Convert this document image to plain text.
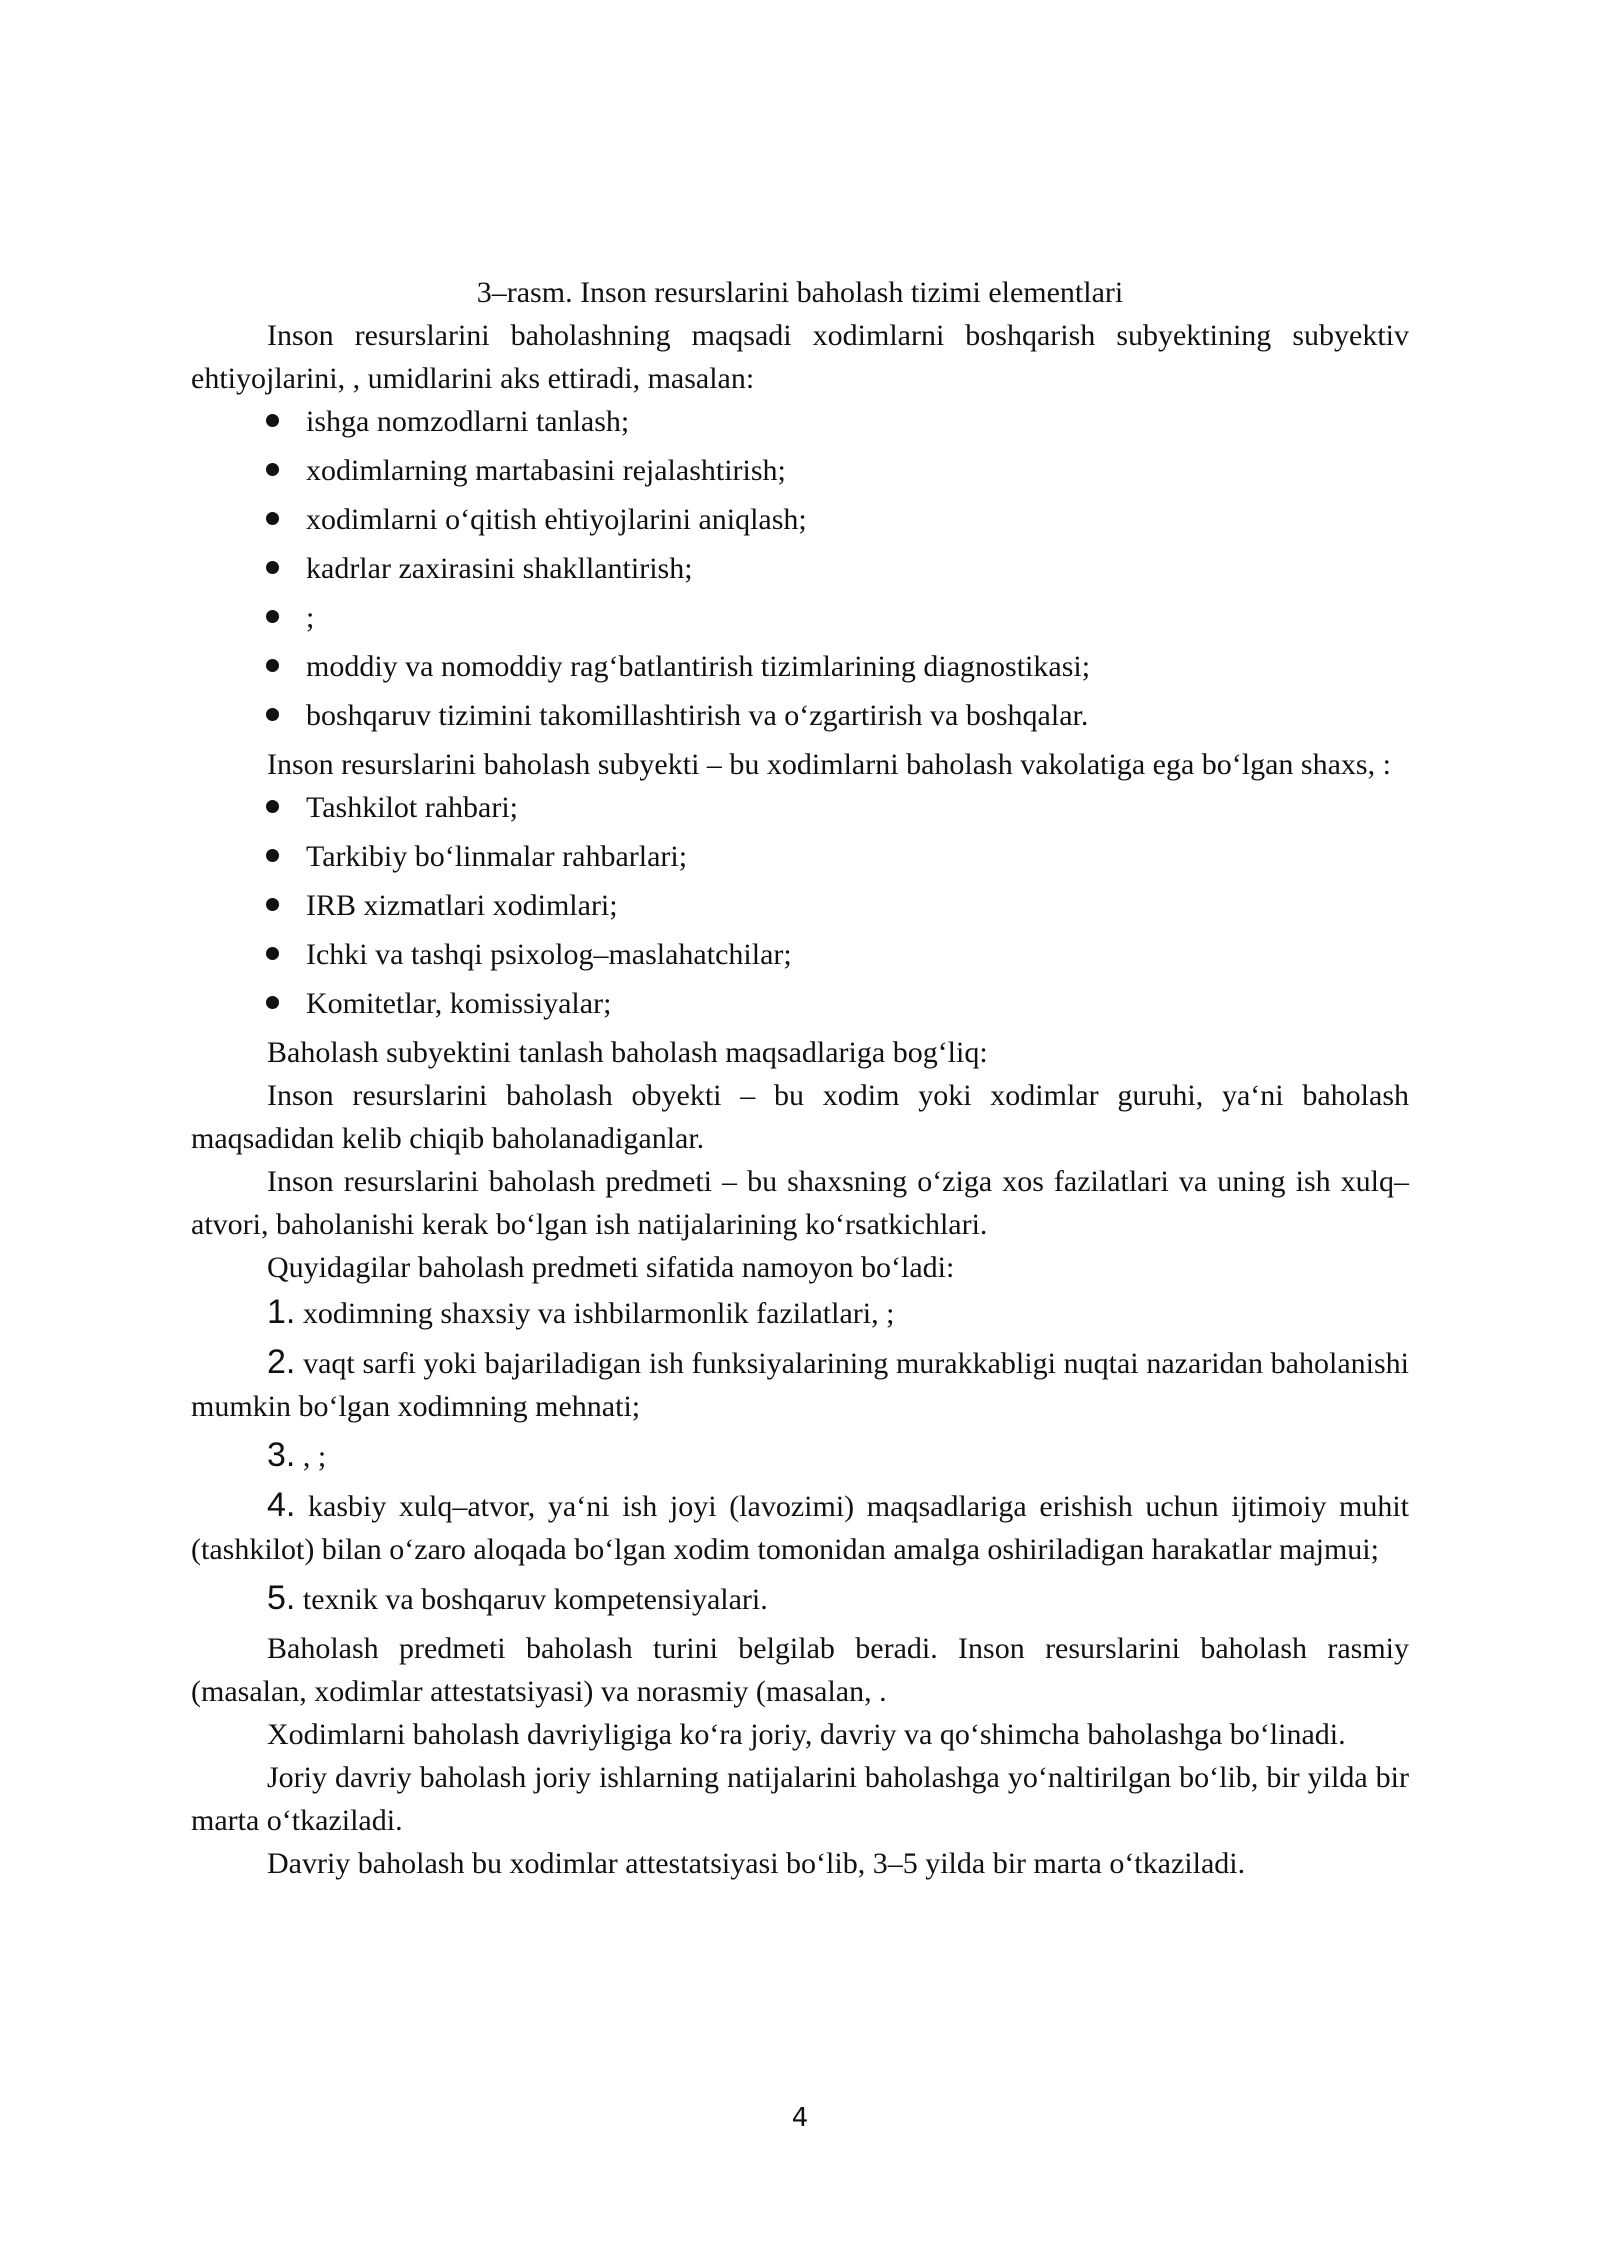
3–rasm. Inson resurslarini baholash tizimi elementlari

Inson resurslarini baholashning maqsadi xodimlarni boshqarish subyektining subyektiv ehtiyojlarini, , umidlarini aks ettiradi, masalan:

ishga nomzodlarni tanlash;
xodimlarning martabasini rejalashtirish;
xodimlarni o‘qitish ehtiyojlarini aniqlash;
kadrlar zaxirasini shakllantirish;
;
moddiy va nomoddiy rag‘batlantirish tizimlarining diagnostikasi;
boshqaruv tizimini takomillashtirish va o‘zgartirish va boshqalar.

Inson resurslarini baholash subyekti – bu xodimlarni baholash vakolatiga ega bo‘lgan shaxs, :

Tashkilot rahbari;
Tarkibiy bo‘linmalar rahbarlari;
IRB xizmatlari xodimlari;
Ichki va tashqi psixolog–maslahatchilar;
Komitetlar, komissiyalar;

Baholash subyektini tanlash baholash maqsadlariga bog‘liq:

Inson resurslarini baholash obyekti – bu xodim yoki xodimlar guruhi, ya‘ni baholash maqsadidan kelib chiqib baholanadiganlar.

Inson resurslarini baholash predmeti – bu shaxsning o‘ziga xos fazilatlari va uning ish xulq–atvori, baholanishi kerak bo‘lgan ish natijalarining ko‘rsatkichlari.

Quyidagilar baholash predmeti sifatida namoyon bo‘ladi:

1. xodimning shaxsiy va ishbilarmonlik fazilatlari, ;
2. vaqt sarfi yoki bajariladigan ish funksiyalarining murakkabligi nuqtai nazaridan baholanishi mumkin bo‘lgan xodimning mehnati;
3. , ;
4. kasbiy xulq–atvor, ya‘ni ish joyi (lavozimi) maqsadlariga erishish uchun ijtimoiy muhit (tashkilot) bilan o‘zaro aloqada bo‘lgan xodim tomonidan amalga oshiriladigan harakatlar majmui;
5. texnik va boshqaruv kompetensiyalari.

Baholash predmeti baholash turini belgilab beradi. Inson resurslarini baholash rasmiy (masalan, xodimlar attestatsiyasi) va norasmiy (masalan, .

Xodimlarni baholash davriyligiga ko‘ra joriy, davriy va qo‘shimcha baholashga bo‘linadi.

Joriy davriy baholash joriy ishlarning natijalarini baholashga yo‘naltirilgan bo‘lib, bir yilda bir marta o‘tkaziladi.

Davriy baholash bu xodimlar attestatsiyasi bo‘lib, 3–5 yilda bir marta o‘tkaziladi.

4
